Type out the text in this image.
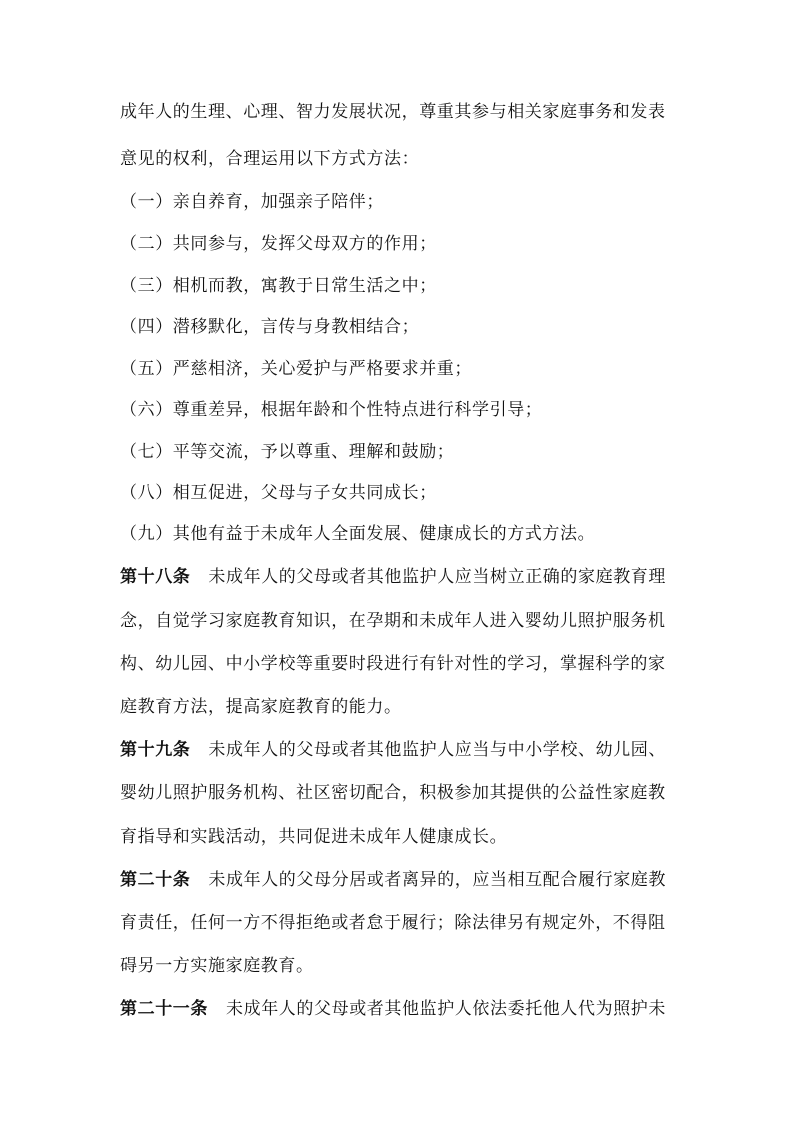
成年人的生理、心理、智力发展状况，尊重其参与相关家庭事务和发表
意见的权利，合理运用以下方式方法：
（一）亲自养育，加强亲子陪伴；
（二）共同参与，发挥父母双方的作用；
（三）相机而教，寓教于日常生活之中；
（四）潜移默化，言传与身教相结合；
（五）严慈相济，关心爱护与严格要求并重；
（六）尊重差异，根据年龄和个性特点进行科学引导；
（七）平等交流，予以尊重、理解和鼓励；
（八）相互促进，父母与子女共同成长；
（九）其他有益于未成年人全面发展、健康成长的方式方法。
第十八条 未成年人的父母或者其他监护人应当树立正确的家庭教育理
念，自觉学习家庭教育知识，在孕期和未成年人进入婴幼儿照护服务机
构、幼儿园、中小学校等重要时段进行有针对性的学习，掌握科学的家
庭教育方法，提高家庭教育的能力。
第十九条 未成年人的父母或者其他监护人应当与中小学校、幼儿园、
婴幼儿照护服务机构、社区密切配合，积极参加其提供的公益性家庭教
育指导和实践活动，共同促进未成年人健康成长。
第二十条 未成年人的父母分居或者离异的，应当相互配合履行家庭教
育责任，任何一方不得拒绝或者怠于履行；除法律另有规定外，不得阻
碍另一方实施家庭教育。
第二十一条 未成年人的父母或者其他监护人依法委托他人代为照护未
